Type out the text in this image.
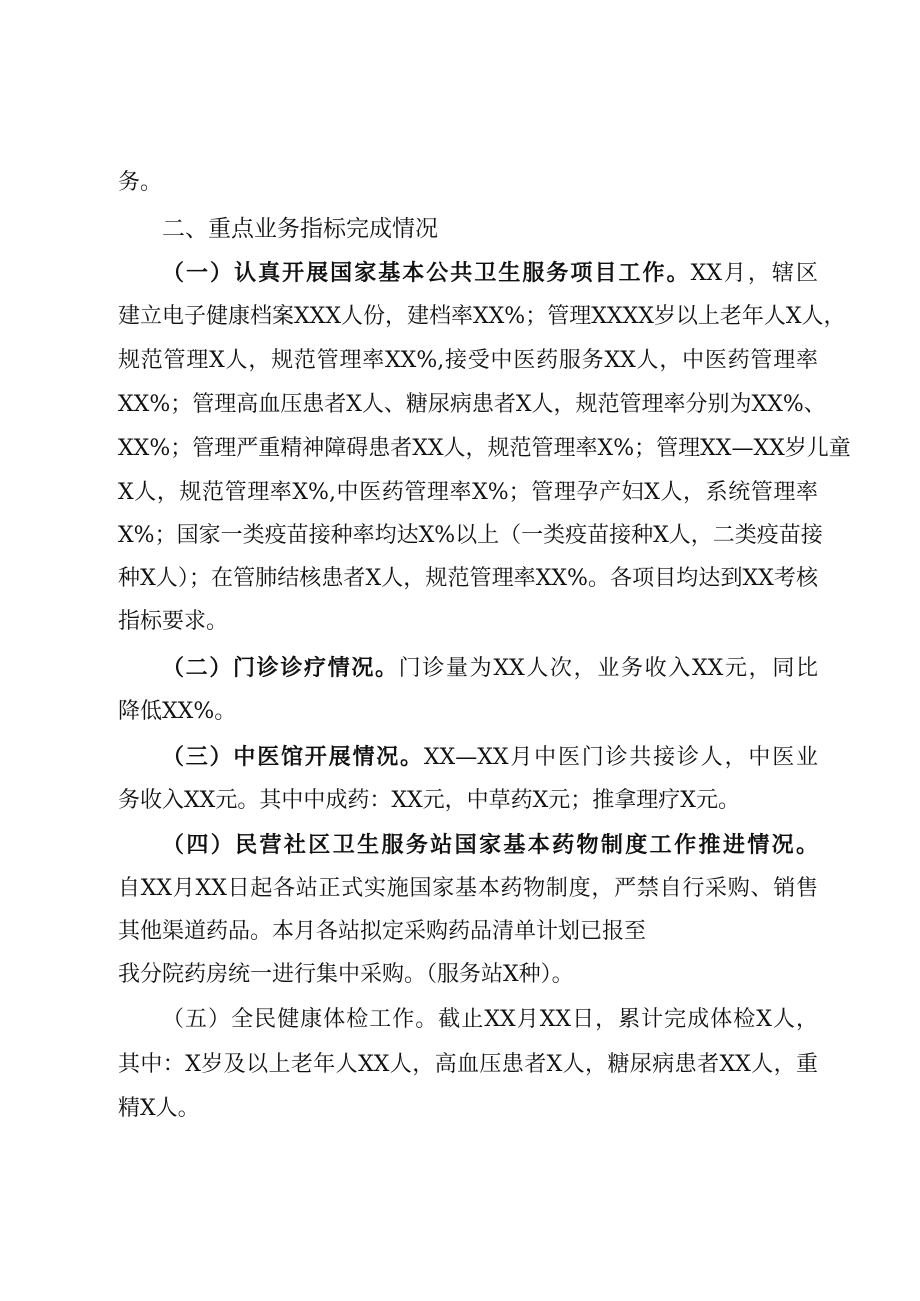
务。
二、重点业务指标完成情况
（一）认真开展国家基本公共卫生服务项目工作。XX月，辖区
建立电子健康档案XXX人份，建档率XX%；管理XXXX岁以上老年人X人，
规范管理X人，规范管理率XX%,接受中医药服务XX人，中医药管理率
XX%；管理高血压患者X人、糖尿病患者X人，规范管理率分别为XX%、
XX%；管理严重精神障碍患者XX人，规范管理率X%；管理XX—XX岁儿童
X人，规范管理率X%,中医药管理率X%；管理孕产妇X人，系统管理率
X%；国家一类疫苗接种率均达X%以上（一类疫苗接种X人，二类疫苗接
种X人）；在管肺结核患者X人，规范管理率XX%。各项目均达到XX考核
指标要求。
（二）门诊诊疗情况。门诊量为XX人次，业务收入XX元，同比
降低XX%。
（三）中医馆开展情况。XX—XX月中医门诊共接诊人，中医业
务收入XX元。其中中成药：XX元，中草药X元；推拿理疗X元。
（四）民营社区卫生服务站国家基本药物制度工作推进情况。
自XX月XX日起各站正式实施国家基本药物制度，严禁自行采购、销售
其他渠道药品。本月各站拟定采购药品清单计划已报至
我分院药房统一进行集中采购。（服务站X种）。
（五）全民健康体检工作。截止XX月XX日，累计完成体检X人，
其中：X岁及以上老年人XX人，高血压患者X人，糖尿病患者XX人，重
精X人。
